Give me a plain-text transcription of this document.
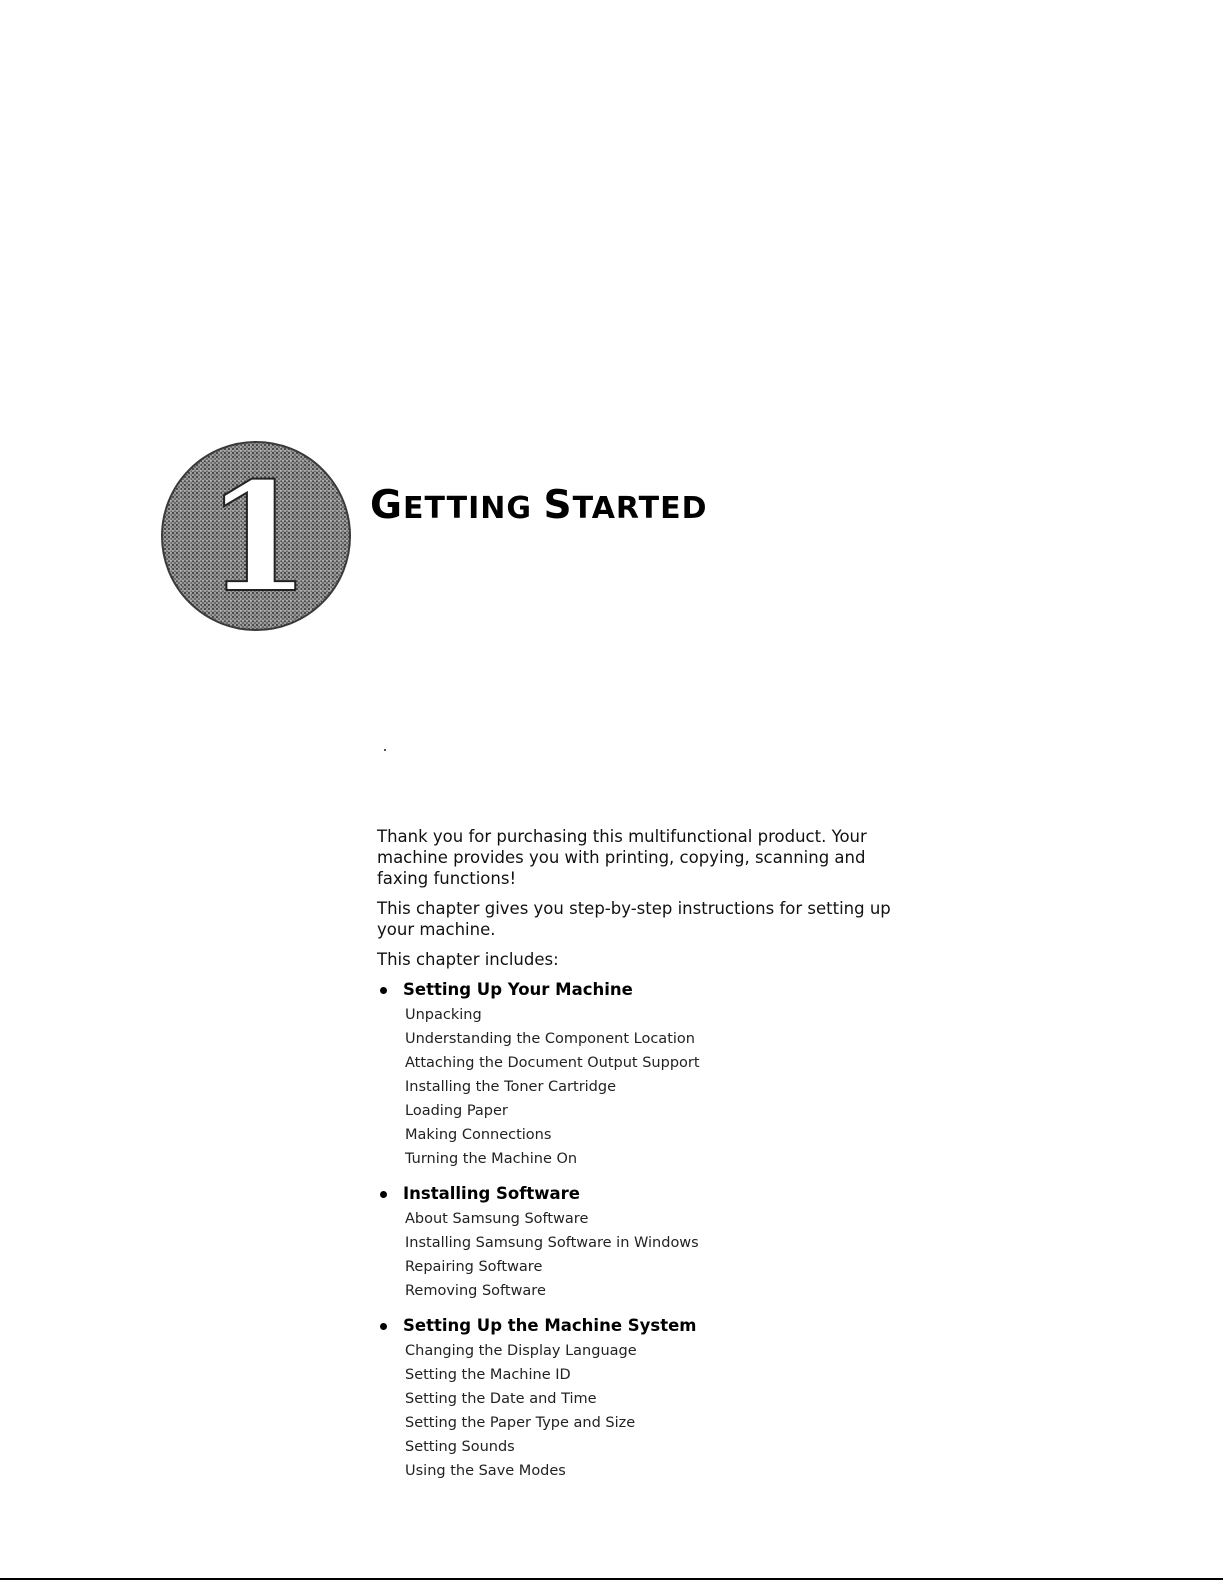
1 GETTING STARTED

Thank you for purchasing this multifunctional product. Your machine provides you with printing, copying, scanning and faxing functions!

This chapter gives you step-by-step instructions for setting up your machine.

This chapter includes:

Setting Up Your Machine
Unpacking
Understanding the Component Location
Attaching the Document Output Support
Installing the Toner Cartridge
Loading Paper
Making Connections
Turning the Machine On
Installing Software
About Samsung Software
Installing Samsung Software in Windows
Repairing Software
Removing Software
Setting Up the Machine System
Changing the Display Language
Setting the Machine ID
Setting the Date and Time
Setting the Paper Type and Size
Setting Sounds
Using the Save Modes
